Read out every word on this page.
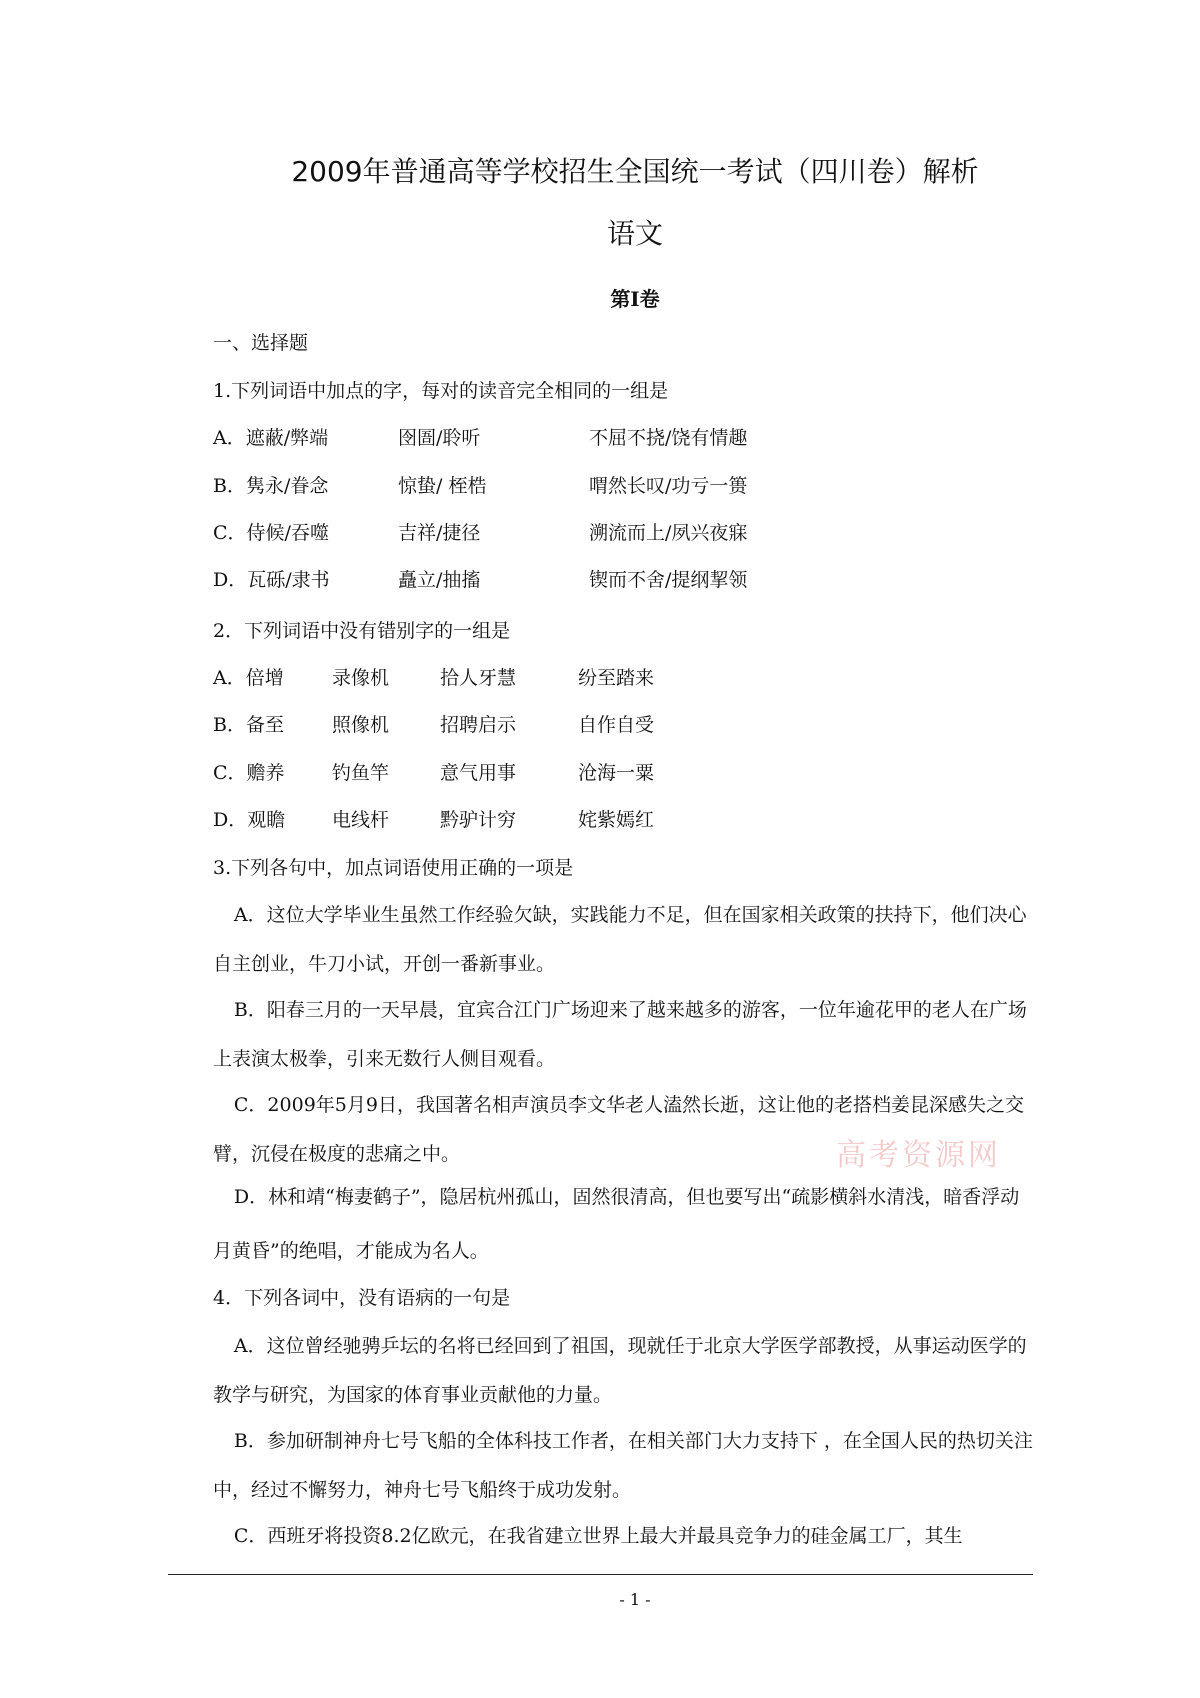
2009年普通高等学校招生全国统一考试（四川卷）解析
语文
第Ⅰ卷
一、选择题
1.下列词语中加点的字，每对的读音完全相同的一组是
A．遮蔽/弊端	囹圄/聆听	不屈不挠/饶有情趣
B．隽永/眷念	惊蛰/ 桎梏	喟然长叹/功亏一篑
C．侍候/吞噬	吉祥/捷径	溯流而上/夙兴夜寐
D．瓦砾/隶书	矗立/抽搐	锲而不舍/提纲挈领
2．下列词语中没有错别字的一组是
A．倍增	录像机	拾人牙慧	纷至踏来
B．备至	照像机	招聘启示	自作自受
C．赡养 钓鱼竿	意气用事	沧海一粟
D．观瞻 电线杆	黔驴计穷	姹紫嫣红
3.下列各句中，加点词语使用正确的一项是
A．这位大学毕业生虽然工作经验欠缺，实践能力不足，但在国家相关政策的扶持下，他们决心自主创业，牛刀小试，开创一番新事业。
B．阳春三月的一天早晨，宜宾合江门广场迎来了越来越多的游客，一位年逾花甲的老人在广场上表演太极拳，引来无数行人侧目观看。
C．2009年5月9日，我国著名相声演员李文华老人溘然长逝，这让他的老搭档姜昆深感失之交臂，沉侵在极度的悲痛之中。
D．林和靖“梅妻鹤子”，隐居杭州孤山，固然很清高，但也要写出“疏影横斜水清浅，暗香浮动月黄昏”的绝唱，才能成为名人。
4．下列各词中，没有语病的一句是
A．这位曾经驰骋乒坛的名将已经回到了祖国，现就任于北京大学医学部教授，从事运动医学的教学与研究，为国家的体育事业贡献他的力量。
B．参加研制神舟七号飞船的全体科技工作者，在相关部门大力支持下 ，在全国人民的热切关注中，经过不懈努力，神舟七号飞船终于成功发射。
C．西班牙将投资8.2亿欧元，在我省建立世界上最大并最具竞争力的硅金属工厂，其生
高考资源网
- 1 -
